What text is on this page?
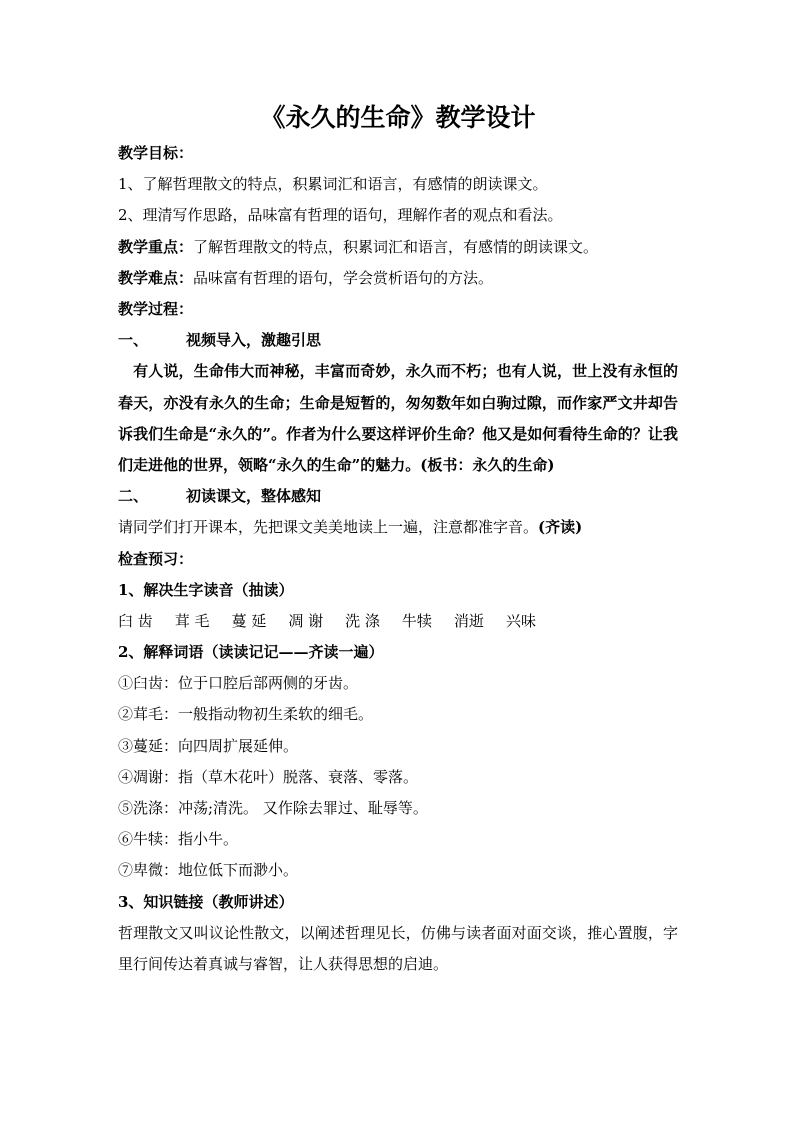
《永久的生命》教学设计
教学目标：
1、了解哲理散文的特点，积累词汇和语言，有感情的朗读课文。
2、理清写作思路，品味富有哲理的语句，理解作者的观点和看法。
教学重点：了解哲理散文的特点，积累词汇和语言，有感情的朗读课文。
教学难点：品味富有哲理的语句，学会赏析语句的方法。
教学过程：
一、	视频导入，激趣引思
有人说，生命伟大而神秘，丰富而奇妙，永久而不朽；也有人说，世上没有永恒的春天，亦没有永久的生命；生命是短暂的，匆匆数年如白驹过隙，而作家严文井却告诉我们生命是“永久的”。作者为什么要这样评价生命？他又是如何看待生命的？让我们走进他的世界，领略“永久的生命”的魅力。(板书：永久的生命)
二、	初读课文，整体感知
请同学们打开课本，先把课文美美地读上一遍，注意都准字音。(齐读)
检查预习：
1、解决生字读音（抽读）
臼 齿 茸 毛 蔓 延 凋 谢 洗 涤 牛犊 消逝 兴味
2、解释词语（读读记记——齐读一遍）
①臼齿：位于口腔后部两侧的牙齿。
②茸毛：一般指动物初生柔软的细毛。
③蔓延：向四周扩展延伸。
④凋谢：指（草木花叶）脱落、衰落、零落。
⑤洗涤：冲荡;清洗。 又作除去罪过、耻辱等。
⑥牛犊：指小牛。
⑦卑微：地位低下而渺小。
3、知识链接（教师讲述）
哲理散文又叫议论性散文，以阐述哲理见长，仿佛与读者面对面交谈，推心置腹，字里行间传达着真诚与睿智，让人获得思想的启迪。
